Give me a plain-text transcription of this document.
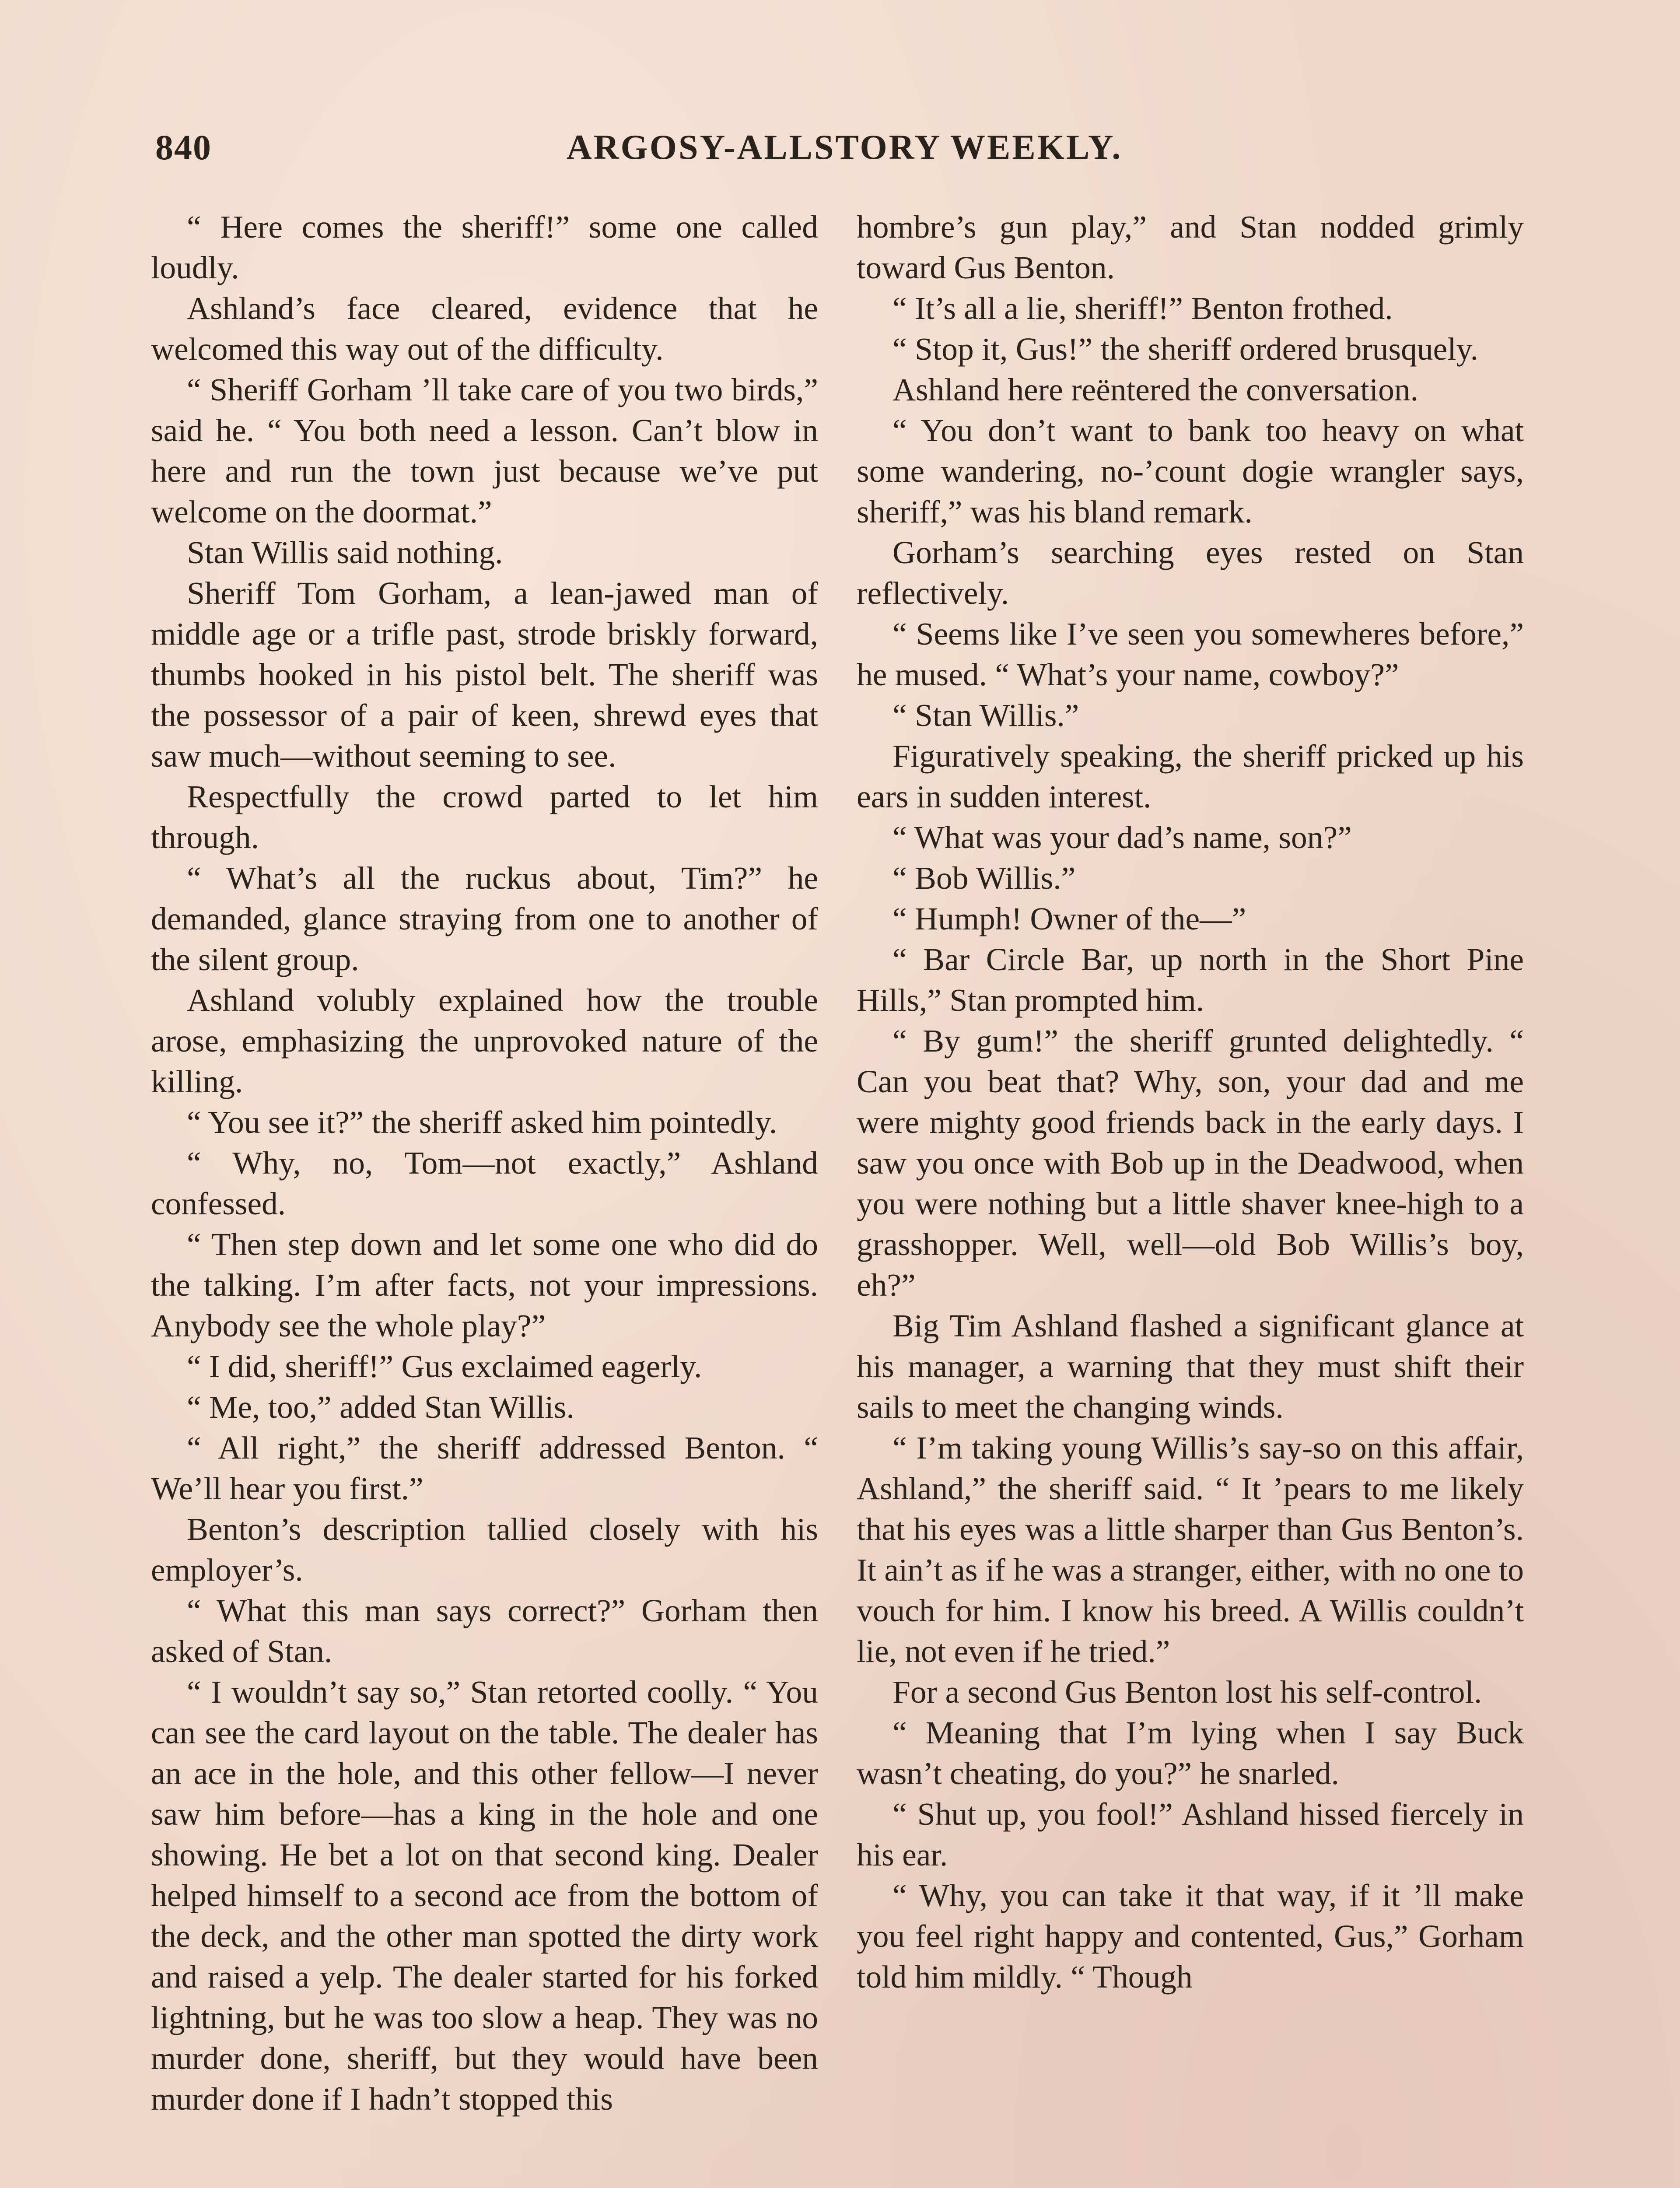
840	ARGOSY-ALLSTORY WEEKLY.

“ Here comes the sheriff!” some one called loudly.

Ashland’s face cleared, evidence that he welcomed this way out of the difficulty.

“ Sheriff Gorham ’ll take care of you two birds,” said he. “ You both need a lesson. Can’t blow in here and run the town just because we’ve put welcome on the doormat.”

Stan Willis said nothing.

Sheriff Tom Gorham, a lean-jawed man of middle age or a trifle past, strode briskly forward, thumbs hooked in his pistol belt. The sheriff was the possessor of a pair of keen, shrewd eyes that saw much—without seeming to see.

Respectfully the crowd parted to let him through.

“ What’s all the ruckus about, Tim?” he demanded, glance straying from one to another of the silent group.

Ashland volubly explained how the trouble arose, emphasizing the unprovoked nature of the killing.

“ You see it?” the sheriff asked him pointedly.

“ Why, no, Tom—not exactly,” Ashland confessed.

“ Then step down and let some one who did do the talking. I’m after facts, not your impressions. Anybody see the whole play?”

“ I did, sheriff!” Gus exclaimed eagerly.

“ Me, too,” added Stan Willis.

“ All right,” the sheriff addressed Benton. “ We’ll hear you first.”

Benton’s description tallied closely with his employer’s.

“ What this man says correct?” Gorham then asked of Stan.

“ I wouldn’t say so,” Stan retorted coolly. “ You can see the card layout on the table. The dealer has an ace in the hole, and this other fellow—I never saw him before—has a king in the hole and one showing. He bet a lot on that second king. Dealer helped himself to a second ace from the bottom of the deck, and the other man spotted the dirty work and raised a yelp. The dealer started for his forked lightning, but he was too slow a heap. They was no murder done, sheriff, but they would have been murder done if I hadn’t stopped this

hombre’s gun play,” and Stan nodded grimly toward Gus Benton.

“ It’s all a lie, sheriff!” Benton frothed.

“ Stop it, Gus!” the sheriff ordered brusquely.

Ashland here reëntered the conversation.

“ You don’t want to bank too heavy on what some wandering, no-’count dogie wrangler says, sheriff,” was his bland remark.

Gorham’s searching eyes rested on Stan reflectively.

“ Seems like I’ve seen you somewheres before,” he mused. “ What’s your name, cowboy?”

“ Stan Willis.”

Figuratively speaking, the sheriff pricked up his ears in sudden interest.

“ What was your dad’s name, son?”

“ Bob Willis.”

“ Humph! Owner of the—”

“ Bar Circle Bar, up north in the Short Pine Hills,” Stan prompted him.

“ By gum!” the sheriff grunted delightedly. “ Can you beat that? Why, son, your dad and me were mighty good friends back in the early days. I saw you once with Bob up in the Deadwood, when you were nothing but a little shaver knee-high to a grasshopper. Well, well—old Bob Willis’s boy, eh?”

Big Tim Ashland flashed a significant glance at his manager, a warning that they must shift their sails to meet the changing winds.

“ I’m taking young Willis’s say-so on this affair, Ashland,” the sheriff said. “ It ’pears to me likely that his eyes was a little sharper than Gus Benton’s. It ain’t as if he was a stranger, either, with no one to vouch for him. I know his breed. A Willis couldn’t lie, not even if he tried.”

For a second Gus Benton lost his self-control.

“ Meaning that I’m lying when I say Buck wasn’t cheating, do you?” he snarled.

“ Shut up, you fool!” Ashland hissed fiercely in his ear.

“ Why, you can take it that way, if it ’ll make you feel right happy and contented, Gus,” Gorham told him mildly. “ Though
